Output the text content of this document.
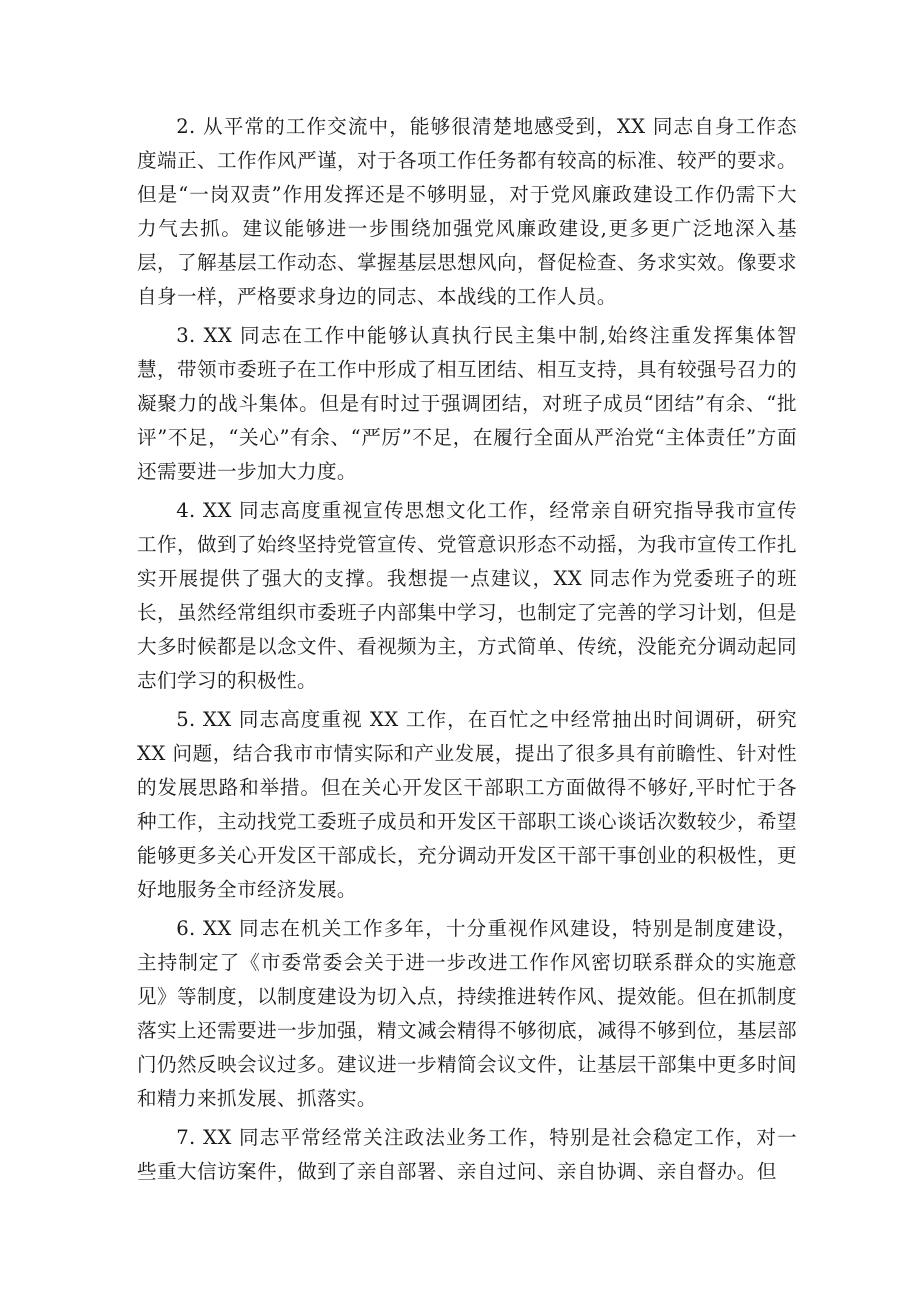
2. 从平常的工作交流中，能够很清楚地感受到，XX 同志自身工作态度端正、工作作风严谨，对于各项工作任务都有较高的标准、较严的要求。但是“一岗双责”作用发挥还是不够明显，对于党风廉政建设工作仍需下大力气去抓。建议能够进一步围绕加强党风廉政建设,更多更广泛地深入基层，了解基层工作动态、掌握基层思想风向，督促检查、务求实效。像要求自身一样，严格要求身边的同志、本战线的工作人员。

3. XX 同志在工作中能够认真执行民主集中制,始终注重发挥集体智慧，带领市委班子在工作中形成了相互团结、相互支持，具有较强号召力的凝聚力的战斗集体。但是有时过于强调团结，对班子成员“团结”有余、“批评”不足，“关心”有余、“严厉”不足，在履行全面从严治党“主体责任”方面还需要进一步加大力度。

4. XX 同志高度重视宣传思想文化工作，经常亲自研究指导我市宣传工作，做到了始终坚持党管宣传、党管意识形态不动摇，为我市宣传工作扎实开展提供了强大的支撑。我想提一点建议，XX 同志作为党委班子的班长，虽然经常组织市委班子内部集中学习，也制定了完善的学习计划，但是大多时候都是以念文件、看视频为主，方式简单、传统，没能充分调动起同志们学习的积极性。

5. XX 同志高度重视 XX 工作，在百忙之中经常抽出时间调研，研究 XX 问题，结合我市市情实际和产业发展，提出了很多具有前瞻性、针对性的发展思路和举措。但在关心开发区干部职工方面做得不够好,平时忙于各种工作，主动找党工委班子成员和开发区干部职工谈心谈话次数较少，希望能够更多关心开发区干部成长，充分调动开发区干部干事创业的积极性，更好地服务全市经济发展。

6. XX 同志在机关工作多年，十分重视作风建设，特别是制度建设，主持制定了《市委常委会关于进一步改进工作作风密切联系群众的实施意见》等制度，以制度建设为切入点，持续推进转作风、提效能。但在抓制度落实上还需要进一步加强，精文减会精得不够彻底，减得不够到位，基层部门仍然反映会议过多。建议进一步精简会议文件，让基层干部集中更多时间和精力来抓发展、抓落实。

7. XX 同志平常经常关注政法业务工作，特别是社会稳定工作，对一些重大信访案件，做到了亲自部署、亲自过问、亲自协调、亲自督办。但
